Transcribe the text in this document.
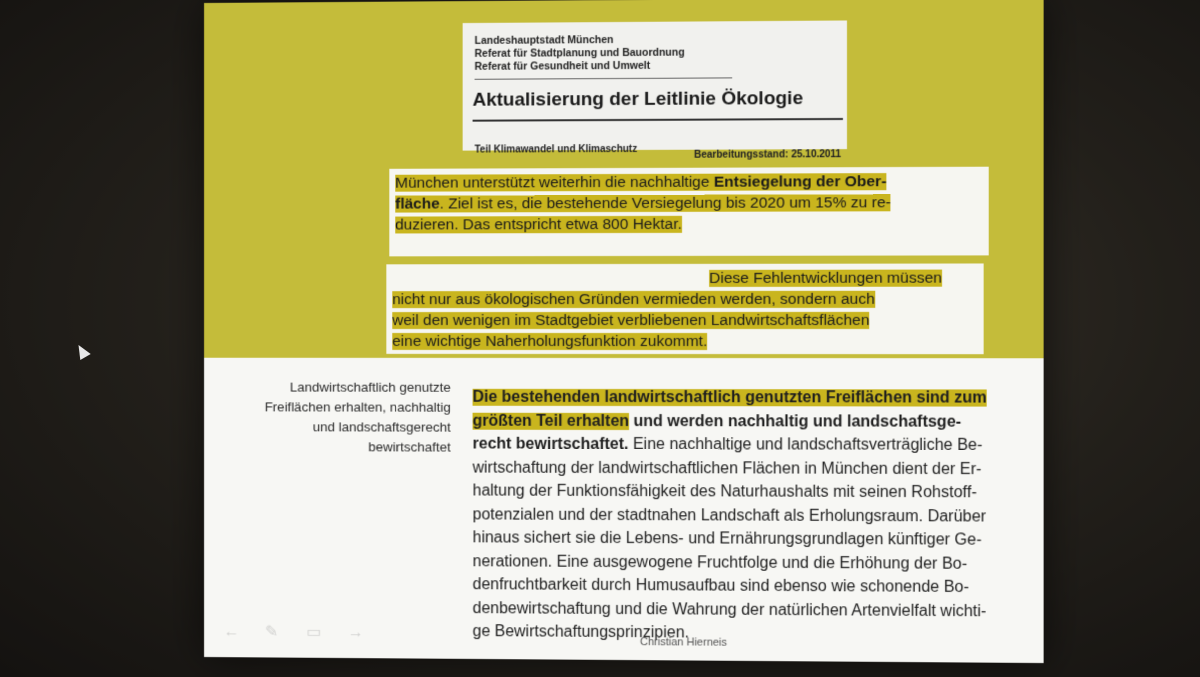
Landeshauptstadt München
Referat für Stadtplanung und Bauordnung
Referat für Gesundheit und Umwelt
Aktualisierung der Leitlinie Ökologie
Teil Klimawandel und Klimaschutz	Bearbeitungsstand: 25.10.2011
München unterstützt weiterhin die nachhaltige Entsiegelung der Ober-
fläche. Ziel ist es, die bestehende Versiegelung bis 2020 um 15% zu re-
duzieren. Das entspricht etwa 800 Hektar.
Diese Fehlentwicklungen müssen
nicht nur aus ökologischen Gründen vermieden werden, sondern auch
weil den wenigen im Stadtgebiet verbliebenen Landwirtschaftsflächen
eine wichtige Naherholungsfunktion zukommt.
Landwirtschaftlich genutzte
Freiflächen erhalten, nachhaltig
und landschaftsgerecht
bewirtschaftet
Die bestehenden landwirtschaftlich genutzten Freiflächen sind zum
größten Teil erhalten und werden nachhaltig und landschaftsge-
recht bewirtschaftet. Eine nachhaltige und landschaftsverträgliche Be-
wirtschaftung der landwirtschaftlichen Flächen in München dient der Er-
haltung der Funktionsfähigkeit des Naturhaushalts mit seinen Rohstoff-
potenzialen und der stadtnahen Landschaft als Erholungsraum. Darüber
hinaus sichert sie die Lebens- und Ernährungsgrundlagen künftiger Ge-
nerationen. Eine ausgewogene Fruchtfolge und die Erhöhung der Bo-
denfruchtbarkeit durch Humusaufbau sind ebenso wie schonende Bo-
denbewirtschaftung und die Wahrung der natürlichen Artenvielfalt wichti-
ge Bewirtschaftungsprinzipien.
← ✎	▭	→
Christian Hierneis
